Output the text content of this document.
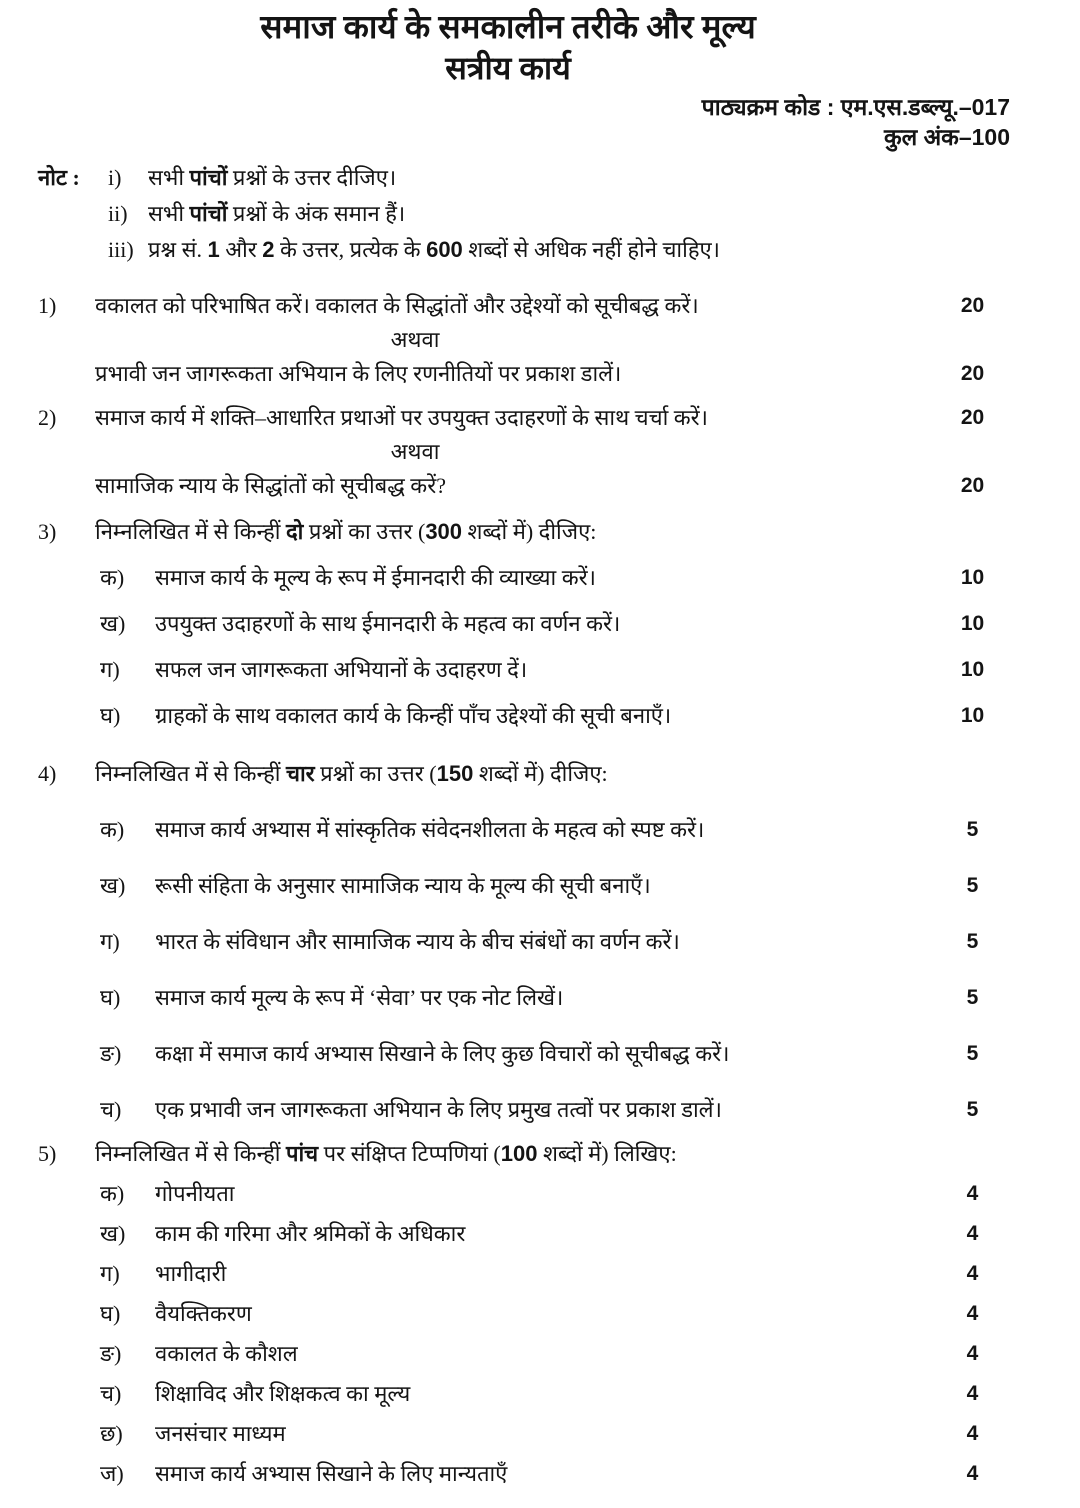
समाज कार्य के समकालीन तरीके और मूल्य
सत्रीय कार्य
पाठ्यक्रम कोड : एम.एस.डब्ल्यू.–017
कुल अंक–100
नोट :	i)	सभी पांचों प्रश्नों के उत्तर दीजिए।
ii) सभी पांचों प्रश्नों के अंक समान हैं।
iii) प्रश्न सं. 1 और 2 के उत्तर, प्रत्येक के 600 शब्दों से अधिक नहीं होने चाहिए।
1)	वकालत को परिभाषित करें। वकालत के सिद्धांतों और उद्देश्यों को सूचीबद्ध करें।	20
अथवा
प्रभावी जन जागरूकता अभियान के लिए रणनीतियों पर प्रकाश डालें।	20
2)	समाज कार्य में शक्ति–आधारित प्रथाओं पर उपयुक्त उदाहरणों के साथ चर्चा करें।	20
अथवा
सामाजिक न्याय के सिद्धांतों को सूचीबद्ध करें?	20
3)	निम्नलिखित में से किन्हीं दो प्रश्नों का उत्तर (300 शब्दों में) दीजिए:
क)	समाज कार्य के मूल्य के रूप में ईमानदारी की व्याख्या करें।	10
ख)	उपयुक्त उदाहरणों के साथ ईमानदारी के महत्व का वर्णन करें।	10
ग)	सफल जन जागरूकता अभियानों के उदाहरण दें।	10
घ)	ग्राहकों के साथ वकालत कार्य के किन्हीं पाँच उद्देश्यों की सूची बनाएँ।	10
4)	निम्नलिखित में से किन्हीं चार प्रश्नों का उत्तर (150 शब्दों में) दीजिए:
क)	समाज कार्य अभ्यास में सांस्कृतिक संवेदनशीलता के महत्व को स्पष्ट करें।	5
ख)	रूसी संहिता के अनुसार सामाजिक न्याय के मूल्य की सूची बनाएँ।	5
ग)	भारत के संविधान और सामाजिक न्याय के बीच संबंधों का वर्णन करें।	5
घ)	समाज कार्य मूल्य के रूप में ‘सेवा’ पर एक नोट लिखें।	5
ङ)	कक्षा में समाज कार्य अभ्यास सिखाने के लिए कुछ विचारों को सूचीबद्ध करें।	5
च)	एक प्रभावी जन जागरूकता अभियान के लिए प्रमुख तत्वों पर प्रकाश डालें।	5
5)	निम्नलिखित में से किन्हीं पांच पर संक्षिप्त टिप्पणियां (100 शब्दों में) लिखिए:
क)	गोपनीयता	4
ख)	काम की गरिमा और श्रमिकों के अधिकार	4
ग)	भागीदारी	4
घ)	वैयक्तिकरण	4
ङ)	वकालत के कौशल	4
च)	शिक्षाविद और शिक्षकत्व का मूल्य	4
छ)	जनसंचार माध्यम	4
ज)	समाज कार्य अभ्यास सिखाने के लिए मान्यताएँ	4
